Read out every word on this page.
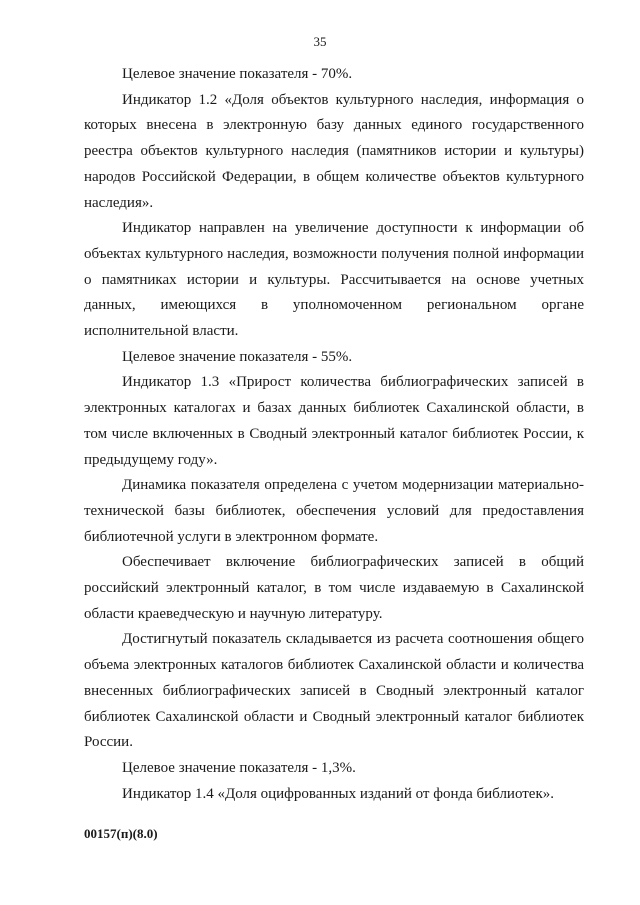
35

Целевое значение показателя - 70%.

Индикатор 1.2 «Доля объектов культурного наследия, информация о которых внесена в электронную базу данных единого государственного реестра объектов культурного наследия (памятников истории и культуры) народов Российской Федерации, в общем количестве объектов культурного наследия».

Индикатор направлен на увеличение доступности к информации об объектах культурного наследия, возможности получения полной информации о памятниках истории и культуры. Рассчитывается на основе учетных данных, имеющихся в уполномоченном региональном органе исполнительной власти.

Целевое значение показателя - 55%.

Индикатор 1.3 «Прирост количества библиографических записей в электронных каталогах и базах данных библиотек Сахалинской области, в том числе включенных в Сводный электронный каталог библиотек России, к предыдущему году».

Динамика показателя определена с учетом модернизации материально-технической базы библиотек, обеспечения условий для предоставления библиотечной услуги в электронном формате.

Обеспечивает включение библиографических записей в общий российский электронный каталог, в том числе издаваемую в Сахалинской области краеведческую и научную литературу.

Достигнутый показатель складывается из расчета соотношения общего объема электронных каталогов библиотек Сахалинской области и количества внесенных библиографических записей в Сводный электронный каталог библиотек Сахалинской области и Сводный электронный каталог библиотек России.

Целевое значение показателя - 1,3%.

Индикатор 1.4 «Доля оцифрованных изданий от фонда библиотек».

00157(п)(8.0)
